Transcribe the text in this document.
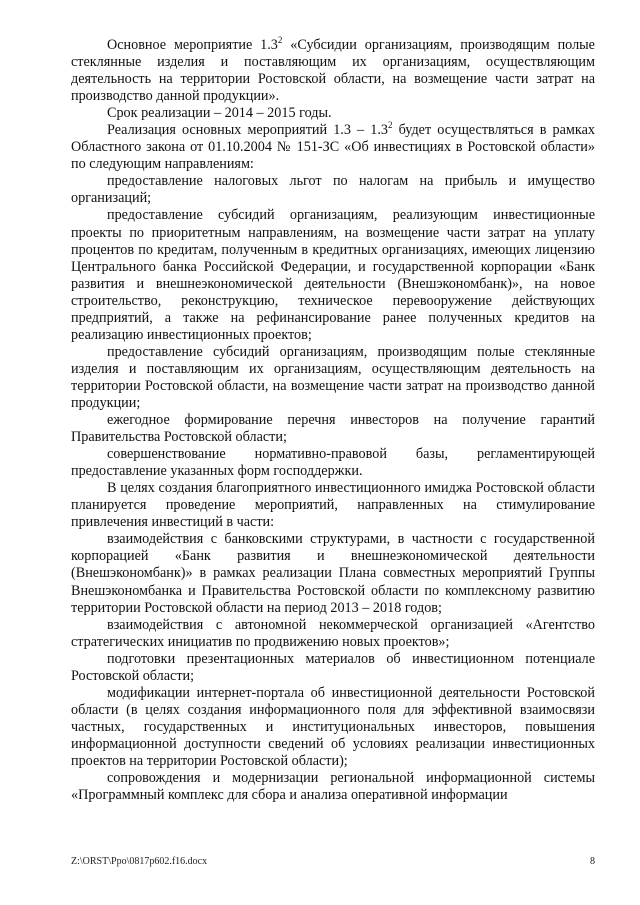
Основное мероприятие $1.3^2$ «Субсидии организациям, производящим полые стеклянные изделия и поставляющим их организациям, осуществляющим деятельность на территории Ростовской области, на возмещение части затрат на производство данной продукции».

Срок реализации – 2014 – 2015 годы.

Реализация основных мероприятий $1.3 - 1.3^2$ будет осуществляться в рамках Областного закона от 01.10.2004 № 151-ЗС «Об инвестициях в Ростовской области» по следующим направлениям:

предоставление налоговых льгот по налогам на прибыль и имущество организаций;

предоставление субсидий организациям, реализующим инвестиционные проекты по приоритетным направлениям, на возмещение части затрат на уплату процентов по кредитам, полученным в кредитных организациях, имеющих лицензию Центрального банка Российской Федерации, и государственной корпорации «Банк развития и внешнеэкономической деятельности (Внешэкономбанк)», на новое строительство, реконструкцию, техническое перевооружение действующих предприятий, а также на рефинансирование ранее полученных кредитов на реализацию инвестиционных проектов;

предоставление субсидий организациям, производящим полые стеклянные изделия и поставляющим их организациям, осуществляющим деятельность на территории Ростовской области, на возмещение части затрат на производство данной продукции;

ежегодное формирование перечня инвесторов на получение гарантий Правительства Ростовской области;

совершенствование нормативно-правовой базы, регламентирующей предоставление указанных форм господдержки.

В целях создания благоприятного инвестиционного имиджа Ростовской области планируется проведение мероприятий, направленных на стимулирование привлечения инвестиций в части:

взаимодействия с банковскими структурами, в частности с государственной корпорацией «Банк развития и внешнеэкономической деятельности (Внешэкономбанк)» в рамках реализации Плана совместных мероприятий Группы Внешэкономбанка и Правительства Ростовской области по комплексному развитию территории Ростовской области на период 2013 – 2018 годов;

взаимодействия с автономной некоммерческой организацией «Агентство стратегических инициатив по продвижению новых проектов»;

подготовки презентационных материалов об инвестиционном потенциале Ростовской области;

модификации интернет-портала об инвестиционной деятельности Ростовской области (в целях создания информационного поля для эффективной взаимосвязи частных, государственных и институциональных инвесторов, повышения информационной доступности сведений об условиях реализации инвестиционных проектов на территории Ростовской области);

сопровождения и модернизации региональной информационной системы «Программный комплекс для сбора и анализа оперативной информации

Z:\ORST\Ppo\0817p602.f16.docx	8
